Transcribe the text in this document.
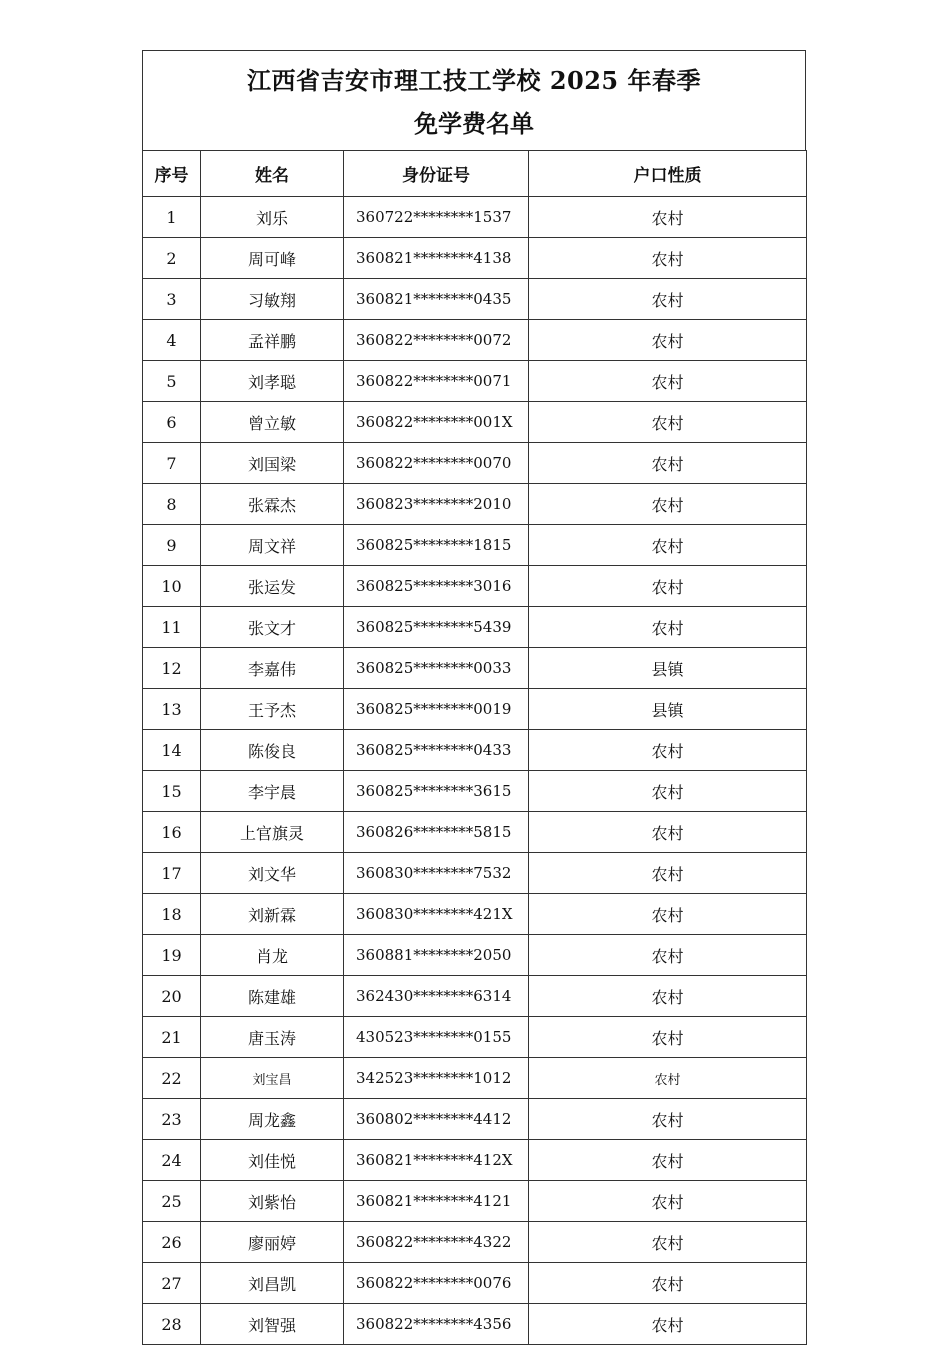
江西省吉安市理工技工学校 2025 年春季
免学费名单
序号	姓名	身份证号	户口性质
1	刘乐	360722********1537	农村
2	周可峰	360821********4138	农村
3	习敏翔	360821********0435	农村
4	孟祥鹏	360822********0072	农村
5	刘孝聪	360822********0071	农村
6	曾立敏	360822********001X	农村
7	刘国梁	360822********0070	农村
8	张霖杰	360823********2010	农村
9	周文祥	360825********1815	农村
10	张运发	360825********3016	农村
11	张文才	360825********5439	农村
12	李嘉伟	360825********0033	县镇
13	王予杰	360825********0019	县镇
14	陈俊良	360825********0433	农村
15	李宇晨	360825********3615	农村
16	上官旗灵	360826********5815	农村
17	刘文华	360830********7532	农村
18	刘新霖	360830********421X	农村
19	肖龙	360881********2050	农村
20	陈建雄	362430********6314	农村
21	唐玉涛	430523********0155	农村
22	刘宝昌	342523********1012	农村
23	周龙鑫	360802********4412	农村
24	刘佳悦	360821********412X	农村
25	刘紫怡	360821********4121	农村
26	廖丽婷	360822********4322	农村
27	刘昌凯	360822********0076	农村
28	刘智强	360822********4356	农村
